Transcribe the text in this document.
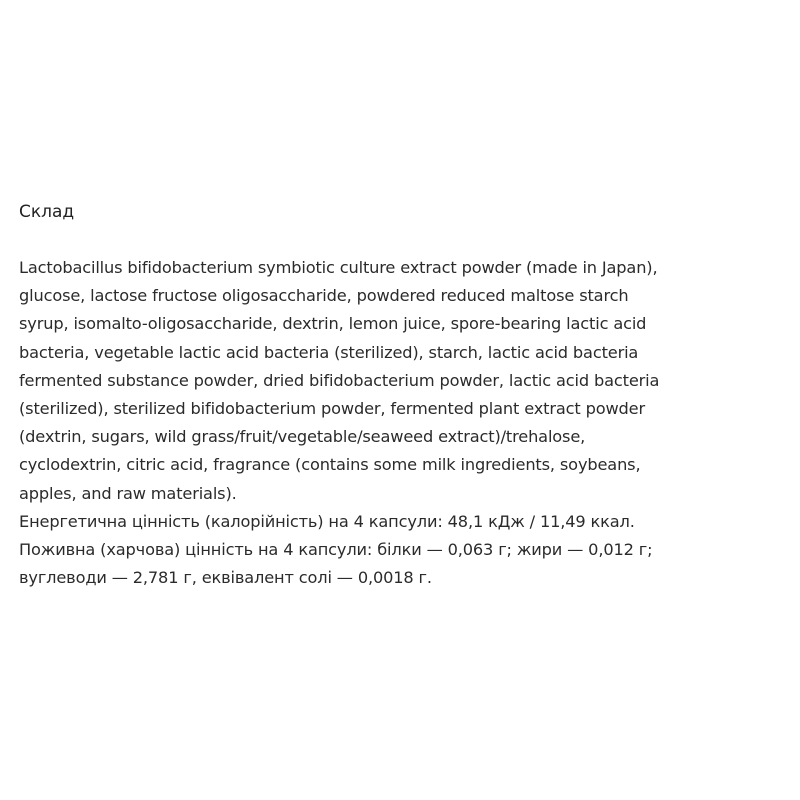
Склад

Lactobacillus bifidobacterium symbiotic culture extract powder (made in Japan),
glucose, lactose fructose oligosaccharide, powdered reduced maltose starch
syrup, isomalto-oligosaccharide, dextrin, lemon juice, spore-bearing lactic acid
bacteria, vegetable lactic acid bacteria (sterilized), starch, lactic acid bacteria
fermented substance powder, dried bifidobacterium powder, lactic acid bacteria
(sterilized), sterilized bifidobacterium powder, fermented plant extract powder
(dextrin, sugars, wild grass/fruit/vegetable/seaweed extract)/trehalose,
cyclodextrin, citric acid, fragrance (contains some milk ingredients, soybeans,
apples, and raw materials).
Енергетична цінність (калорійність) на 4 капсули: 48,1 кДж / 11,49 ккал.
Поживна (харчова) цінність на 4 капсули: білки — 0,063 г; жири — 0,012 г;
вуглеводи — 2,781 г, еквівалент солі — 0,0018 г.
